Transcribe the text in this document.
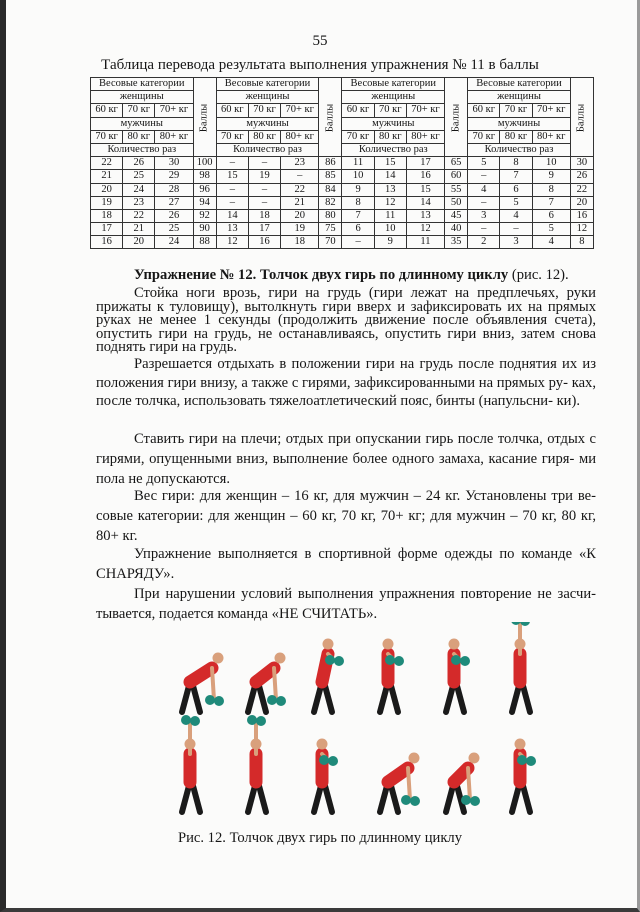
55
Таблица перевода результата выполнения упражнения № 11 в баллы
Весовые категории			Баллы	Весовые категории			Баллы	Весовые категории			Баллы	Весовые категории			Баллы
женщины				женщины				женщины				женщины			
60 кг	70 кг	70+ кг		60 кг	70 кг	70+ кг		60 кг	70 кг	70+ кг		60 кг	70 кг	70+ кг	
мужчины				мужчины				мужчины				мужчины			
70 кг	80 кг	80+ кг		70 кг	80 кг	80+ кг		70 кг	80 кг	80+ кг		70 кг	80 кг	80+ кг	
Количество раз				Количество раз				Количество раз				Количество раз			
22	26	30	100	–	–	23	86	11	15	17	65	5	8	10	30
21	25	29	98	15	19	–	85	10	14	16	60	–	7	9	26
20	24	28	96	–	–	22	84	9	13	15	55	4	6	8	22
19	23	27	94	–	–	21	82	8	12	14	50	–	5	7	20
18	22	26	92	14	18	20	80	7	11	13	45	3	4	6	16
17	21	25	90	13	17	19	75	6	10	12	40	–	–	5	12
16	20	24	88	12	16	18	70	–	9	11	35	2	3	4	8
Упражнение № 12. Толчок двух гирь по длинному циклу (рис. 12).
Стойка ноги врозь, гири на грудь (гири лежат на предплечьях, руки прижаты к туловищу), вытолкнуть гири вверх и зафиксировать их на прямых руках не менее 1 секунды (продолжить движение после объявления счета), опустить гири на грудь, не останавливаясь, опустить гири вниз, затем снова поднять гири на грудь.
Разрешается отдыхать в положении гири на грудь после поднятия их из положения гири внизу, а также с гирями, зафиксированными на прямых ру- ках, после толчка, использовать тяжелоатлетический пояс, бинты (напульсни- ки).
Ставить гири на плечи; отдых при опускании гирь после толчка, отдых с гирями, опущенными вниз, выполнение более одного замаха, касание гиря- ми пола не допускаются.
Вес гири: для женщин – 16 кг, для мужчин – 24 кг. Установлены три ве- совые категории: для женщин – 60 кг, 70 кг, 70+ кг; для мужчин – 70 кг, 80 кг, 80+ кг.
Упражнение выполняется в спортивной форме одежды по команде «К СНАРЯДУ».
Рис. 12. Толчок двух гирь по длинному циклу
При нарушении условий выполнения упражнения повторение не засчи- тывается, подается команда «НЕ СЧИТАТЬ».
